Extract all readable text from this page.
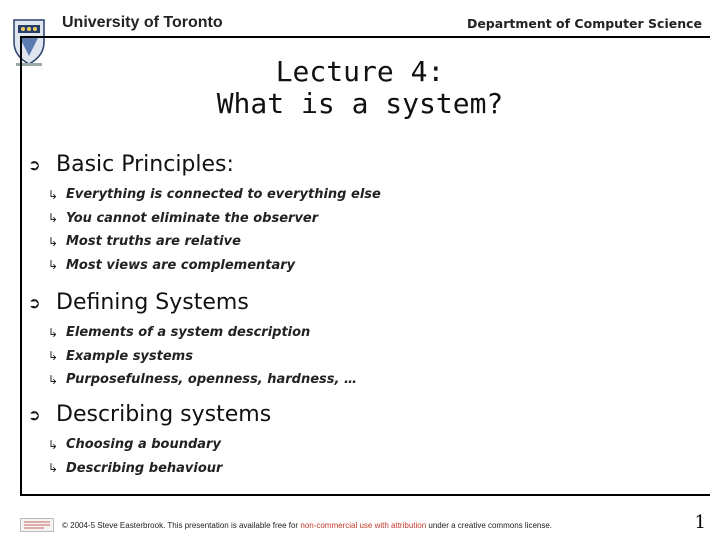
University of Toronto	Department of Computer Science
Lecture 4:
What is a system?
➲ Basic Principles:
↳ Everything is connected to everything else
↳ You cannot eliminate the observer
↳ Most truths are relative
↳ Most views are complementary
➲ Defining Systems
↳ Elements of a system description
↳ Example systems
↳ Purposefulness, openness, hardness, …
➲ Describing systems
↳ Choosing a boundary
↳ Describing behaviour
© 2004-5 Steve Easterbrook. This presentation is available free for non-commercial use with attribution under a creative commons license.	1
